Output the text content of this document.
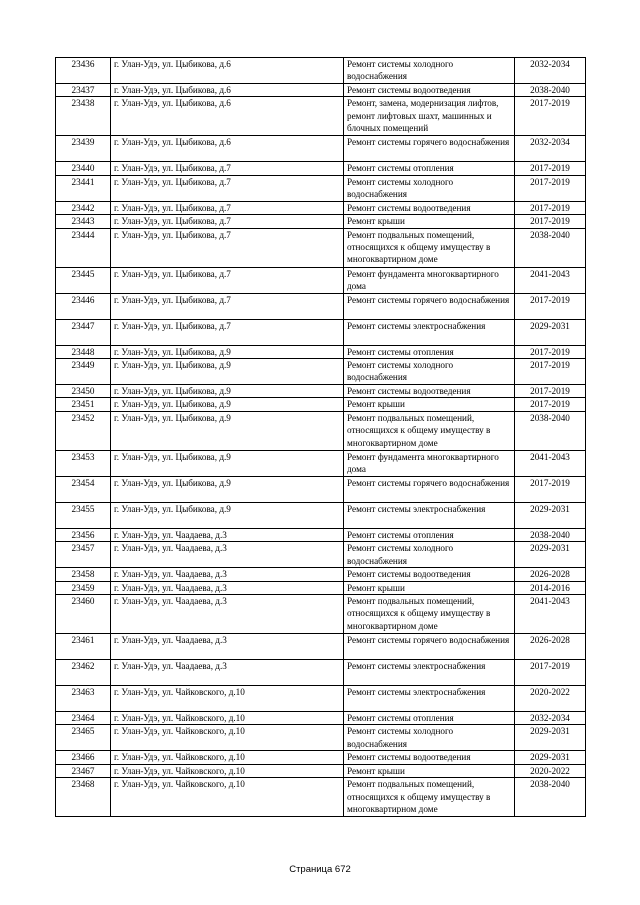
23436	г. Улан-Удэ, ул. Цыбикова, д.6	Ремонт системы холодного водоснабжения	2032-2034
23437	г. Улан-Удэ, ул. Цыбикова, д.6	Ремонт системы водоотведения	2038-2040
23438	г. Улан-Удэ, ул. Цыбикова, д.6	Ремонт, замена, модернизация лифтов, ремонт лифтовых шахт, машинных и блочных помещений	2017-2019
23439	г. Улан-Удэ, ул. Цыбикова, д.6	Ремонт системы горячего водоснабжения	2032-2034
23440	г. Улан-Удэ, ул. Цыбикова, д.7	Ремонт системы отопления	2017-2019
23441	г. Улан-Удэ, ул. Цыбикова, д.7	Ремонт системы холодного водоснабжения	2017-2019
23442	г. Улан-Удэ, ул. Цыбикова, д.7	Ремонт системы водоотведения	2017-2019
23443	г. Улан-Удэ, ул. Цыбикова, д.7	Ремонт крыши	2017-2019
23444	г. Улан-Удэ, ул. Цыбикова, д.7	Ремонт подвальных помещений, относящихся к общему имуществу в многоквартирном доме	2038-2040
23445	г. Улан-Удэ, ул. Цыбикова, д.7	Ремонт фундамента многоквартирного дома	2041-2043
23446	г. Улан-Удэ, ул. Цыбикова, д.7	Ремонт системы горячего водоснабжения	2017-2019
23447	г. Улан-Удэ, ул. Цыбикова, д.7	Ремонт системы электроснабжения	2029-2031
23448	г. Улан-Удэ, ул. Цыбикова, д.9	Ремонт системы отопления	2017-2019
23449	г. Улан-Удэ, ул. Цыбикова, д.9	Ремонт системы холодного водоснабжения	2017-2019
23450	г. Улан-Удэ, ул. Цыбикова, д.9	Ремонт системы водоотведения	2017-2019
23451	г. Улан-Удэ, ул. Цыбикова, д.9	Ремонт крыши	2017-2019
23452	г. Улан-Удэ, ул. Цыбикова, д.9	Ремонт подвальных помещений, относящихся к общему имуществу в многоквартирном доме	2038-2040
23453	г. Улан-Удэ, ул. Цыбикова, д.9	Ремонт фундамента многоквартирного дома	2041-2043
23454	г. Улан-Удэ, ул. Цыбикова, д.9	Ремонт системы горячего водоснабжения	2017-2019
23455	г. Улан-Удэ, ул. Цыбикова, д.9	Ремонт системы электроснабжения	2029-2031
23456	г. Улан-Удэ, ул. Чаадаева, д.3	Ремонт системы отопления	2038-2040
23457	г. Улан-Удэ, ул. Чаадаева, д.3	Ремонт системы холодного водоснабжения	2029-2031
23458	г. Улан-Удэ, ул. Чаадаева, д.3	Ремонт системы водоотведения	2026-2028
23459	г. Улан-Удэ, ул. Чаадаева, д.3	Ремонт крыши	2014-2016
23460	г. Улан-Удэ, ул. Чаадаева, д.3	Ремонт подвальных помещений, относящихся к общему имуществу в многоквартирном доме	2041-2043
23461	г. Улан-Удэ, ул. Чаадаева, д.3	Ремонт системы горячего водоснабжения	2026-2028
23462	г. Улан-Удэ, ул. Чаадаева, д.3	Ремонт системы электроснабжения	2017-2019
23463	г. Улан-Удэ, ул. Чайковского, д.10	Ремонт системы электроснабжения	2020-2022
23464	г. Улан-Удэ, ул. Чайковского, д.10	Ремонт системы отопления	2032-2034
23465	г. Улан-Удэ, ул. Чайковского, д.10	Ремонт системы холодного водоснабжения	2029-2031
23466	г. Улан-Удэ, ул. Чайковского, д.10	Ремонт системы водоотведения	2029-2031
23467	г. Улан-Удэ, ул. Чайковского, д.10	Ремонт крыши	2020-2022
23468	г. Улан-Удэ, ул. Чайковского, д.10	Ремонт подвальных помещений, относящихся к общему имуществу в многоквартирном доме	2038-2040
Страница 672
